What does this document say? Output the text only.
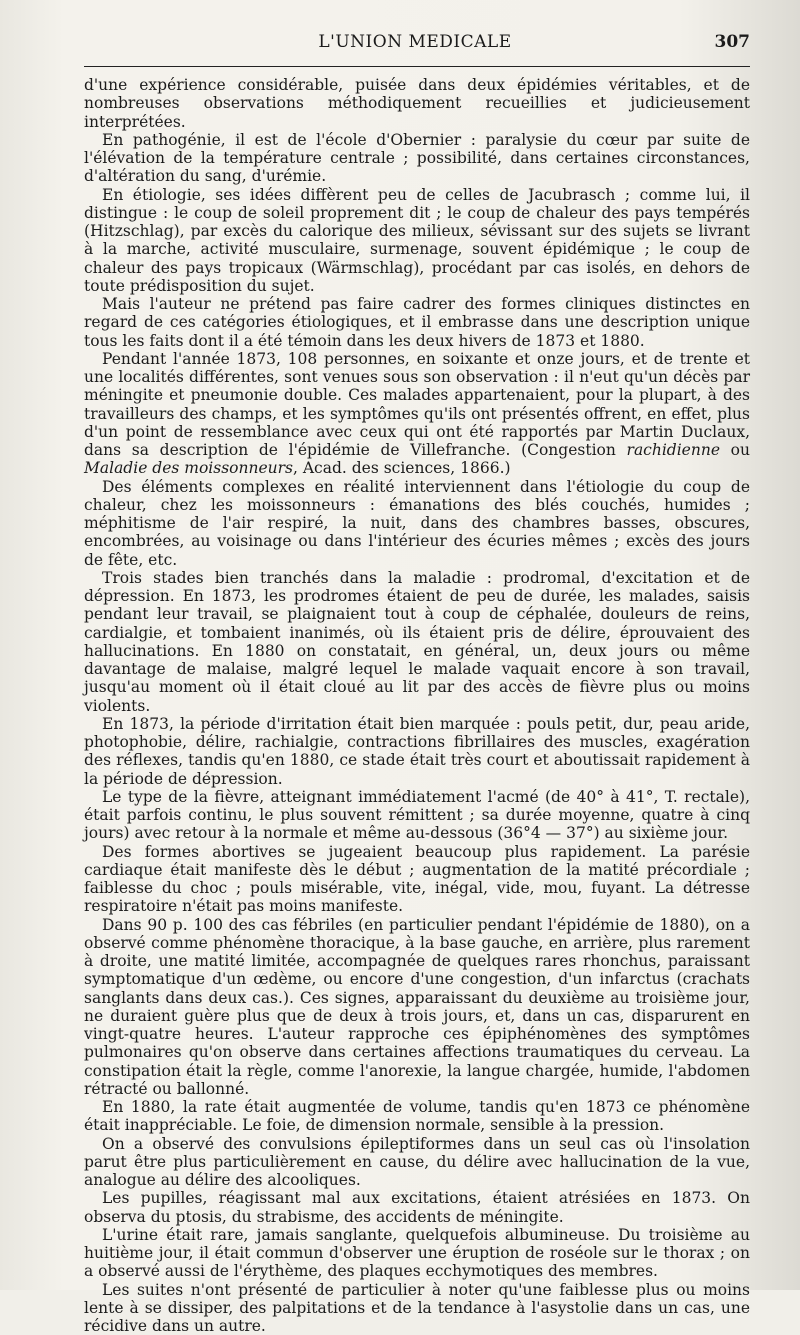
L'UNION MEDICALE	307

d'une expérience considérable, puisée dans deux épidémies véritables, et de nombreuses observations méthodiquement recueillies et judicieusement interprétées.

En pathogénie, il est de l'école d'Obernier : paralysie du cœur par suite de l'élévation de la température centrale ; possibilité, dans certaines circonstances, d'altération du sang, d'urémie.

En étiologie, ses idées diffèrent peu de celles de Jacubrasch ; comme lui, il distingue : le coup de soleil proprement dit ; le coup de chaleur des pays tempérés (Hitzschlag), par excès du calorique des milieux, sévissant sur des sujets se livrant à la marche, activité musculaire, surmenage, souvent épidémique ; le coup de chaleur des pays tropicaux (Wärmschlag), procédant par cas isolés, en dehors de toute prédisposition du sujet.

Mais l'auteur ne prétend pas faire cadrer des formes cliniques distinctes en regard de ces catégories étiologiques, et il embrasse dans une description unique tous les faits dont il a été témoin dans les deux hivers de 1873 et 1880.

Pendant l'année 1873, 108 personnes, en soixante et onze jours, et de trente et une localités différentes, sont venues sous son observation : il n'eut qu'un décès par méningite et pneumonie double. Ces malades appartenaient, pour la plupart, à des travailleurs des champs, et les symptômes qu'ils ont présentés offrent, en effet, plus d'un point de ressemblance avec ceux qui ont été rapportés par Martin Duclaux, dans sa description de l'épidémie de Villefranche. (Congestion rachidienne ou Maladie des moissonneurs, Acad. des sciences, 1866.)

Des éléments complexes en réalité interviennent dans l'étiologie du coup de chaleur, chez les moissonneurs : émanations des blés couchés, humides ; méphitisme de l'air respiré, la nuit, dans des chambres basses, obscures, encombrées, au voisinage ou dans l'intérieur des écuries mêmes ; excès des jours de fête, etc.

Trois stades bien tranchés dans la maladie : prodromal, d'excitation et de dépression. En 1873, les prodromes étaient de peu de durée, les malades, saisis pendant leur travail, se plaignaient tout à coup de céphalée, douleurs de reins, cardialgie, et tombaient inanimés, où ils étaient pris de délire, éprouvaient des hallucinations. En 1880 on constatait, en général, un, deux jours ou même davantage de malaise, malgré lequel le malade vaquait encore à son travail, jusqu'au moment où il était cloué au lit par des accès de fièvre plus ou moins violents.

En 1873, la période d'irritation était bien marquée : pouls petit, dur, peau aride, photophobie, délire, rachialgie, contractions fibrillaires des muscles, exagération des réflexes, tandis qu'en 1880, ce stade était très court et aboutissait rapidement à la période de dépression.

Le type de la fièvre, atteignant immédiatement l'acmé (de 40° à 41°, T. rectale), était parfois continu, le plus souvent rémittent ; sa durée moyenne, quatre à cinq jours) avec retour à la normale et même au-dessous (36°4 — 37°) au sixième jour.

Des formes abortives se jugeaient beaucoup plus rapidement. La parésie cardiaque était manifeste dès le début ; augmentation de la matité précordiale ; faiblesse du choc ; pouls misérable, vite, inégal, vide, mou, fuyant. La détresse respiratoire n'était pas moins manifeste.

Dans 90 p. 100 des cas fébriles (en particulier pendant l'épidémie de 1880), on a observé comme phénomène thoracique, à la base gauche, en arrière, plus rarement à droite, une matité limitée, accompagnée de quelques rares rhonchus, paraissant symptomatique d'un œdème, ou encore d'une congestion, d'un infarctus (crachats sanglants dans deux cas.). Ces signes, apparaissant du deuxième au troisième jour, ne duraient guère plus que de deux à trois jours, et, dans un cas, disparurent en vingt-quatre heures. L'auteur rapproche ces épiphénomènes des symptômes pulmonaires qu'on observe dans certaines affections traumatiques du cerveau. La constipation était la règle, comme l'anorexie, la langue chargée, humide, l'abdomen rétracté ou ballonné.

En 1880, la rate était augmentée de volume, tandis qu'en 1873 ce phénomène était inappréciable. Le foie, de dimension normale, sensible à la pression.

On a observé des convulsions épileptiformes dans un seul cas où l'insolation parut être plus particulièrement en cause, du délire avec hallucination de la vue, analogue au délire des alcooliques.

Les pupilles, réagissant mal aux excitations, étaient atrésiées en 1873. On observa du ptosis, du strabisme, des accidents de méningite.

L'urine était rare, jamais sanglante, quelquefois albumineuse. Du troisième au huitième jour, il était commun d'observer une éruption de roséole sur le thorax ; on a observé aussi de l'érythème, des plaques ecchymotiques des membres.

Les suites n'ont présenté de particulier à noter qu'une faiblesse plus ou moins lente à se dissiper, des palpitations et de la tendance à l'asystolie dans un cas, une récidive dans un autre.
